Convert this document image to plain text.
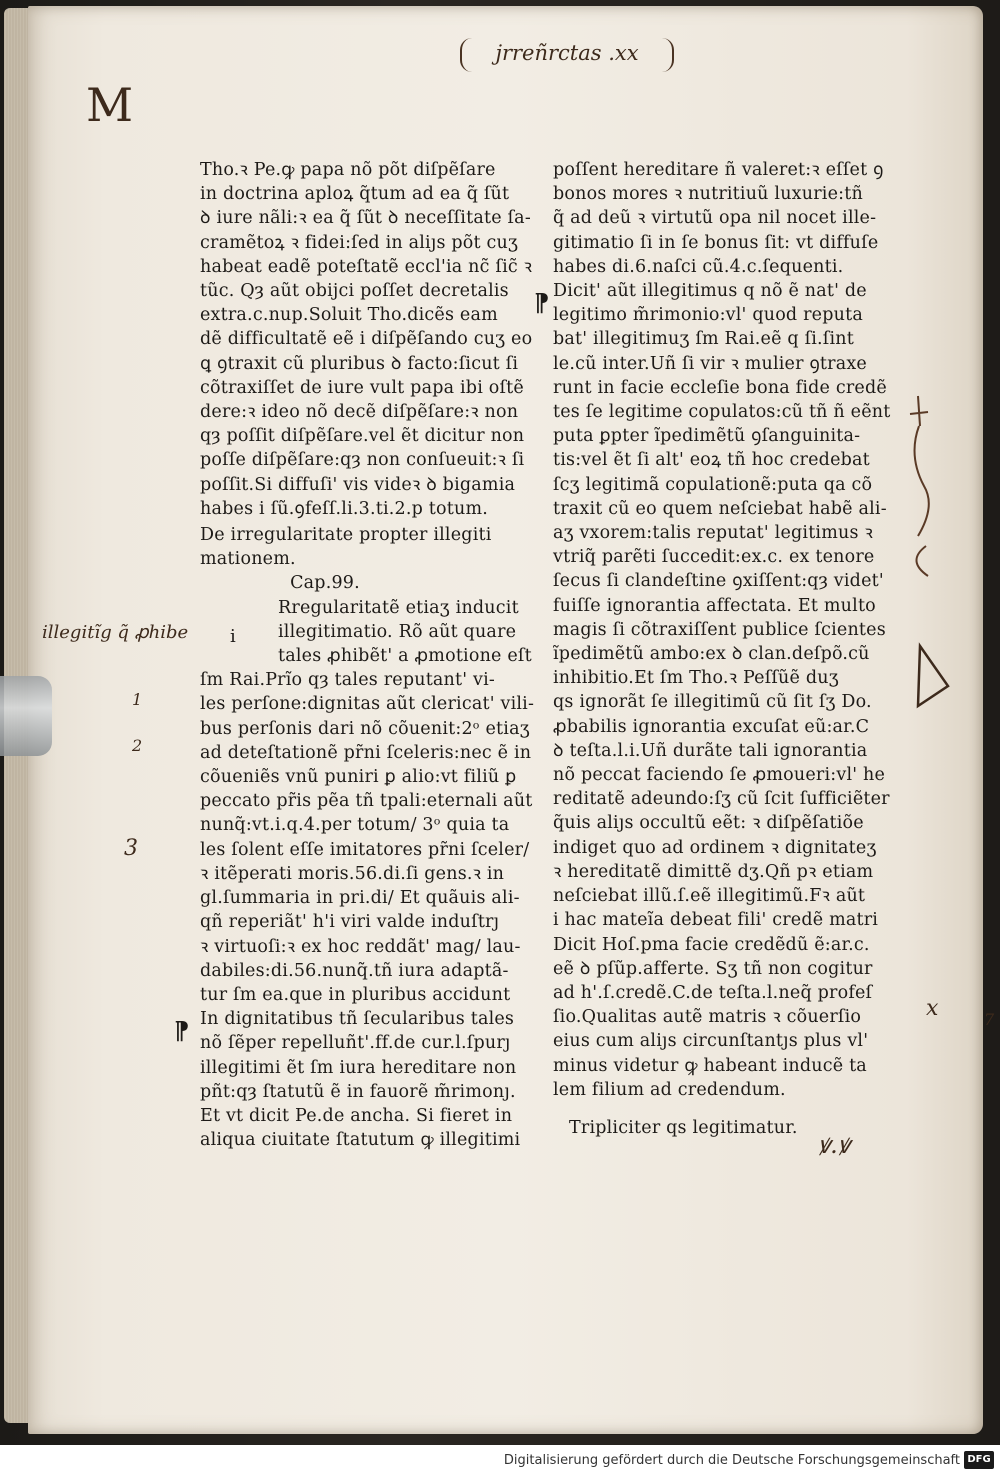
jrreñrctas .xx
M
Tho.ꝛ Pe.ꝙ papa nõ põt diſpẽſare
in doctrina aploꝝ q̃tum ad ea q̃ ſũt
ꝺ iure nãli:ꝛ ea q̃ ſũt ꝺ neceſſitate ſa-
cramẽtoꝝ ꝛ fidei:ſed in aliȷs põt cuʒ
habeat eadẽ poteſtatẽ eccl'ia nc̃ ſic̃ ꝛ
tũc. Qȝ aũt obijci poſſet decretalis
extra.c.nup.Soluit Tho.dicẽs eam
dẽ difficultatẽ eẽ i diſpẽſando cuʒ eo
ꝗ ꝯtraxit cũ pluribus ꝺ facto:ſicut ſi
cõtraxiſſet de iure vult papa ibi oſtẽ
dere:ꝛ ideo nõ decẽ diſpẽſare:ꝛ non
qȝ poſſit diſpẽſare.vel ẽt dicitur non
poſſe diſpẽſare:qȝ non conſueuit:ꝛ ſi
poſſit.Si diffuſi' vis videꝛ ꝺ bigamia
habes i ſũ.ꝯfeſſ.li.3.ti.2.p totum.
De irregularitate propter illegiti
mationem.
Cap.99.
Rregularitatẽ etiaʒ inducit
illegitimatio. Rõ aũt quare
tales ꝓhibẽt' a ꝓmotione eſt
ſm Rai.Prĩo qȝ tales reputant' vi-
les perſone:dignitas aũt clericat' vili-
bus perſonis dari nõ cõuenit:2ᵒ etiaʒ
ad deteſtationẽ pr̃ni ſceleris:nec ẽ in
cõueniẽs vnũ puniri ꝑ alio:vt filiũ ꝑ
peccato pr̃is pẽa tñ tpali:eternali aũt
nunq̃:vt.i.q.4.per totum/ 3ᵒ quia ta
les ſolent eſſe imitatores pr̃ni ſceler/
ꝛ itẽperati moris.56.di.ſi gens.ꝛ in
gl.ſummaria in pri.di/ Et quãuis ali-
qñ reperiãt' h'i viri valde induſtrȷ
ꝛ virtuoſi:ꝛ ex hoc reddãt' mag/ lau-
dabiles:di.56.nunq̃.tñ iura adaptã-
tur ſm ea.que in pluribus accidunt
In dignitatibus tñ ſecularibus tales
nõ ſẽper repelluñt'.ff.de cur.l.ſpurȷ
illegitimi ẽt ſm iura hereditare non
pñt:qȝ ſtatutũ ẽ in fauorẽ m̃rimonȷ.
Et vt dicit Pe.de ancha. Si fieret in
aliqua ciuitate ſtatutum ꝙ illegitimi
poſſent hereditare ñ valeret:ꝛ eſſet ꝯ
bonos mores ꝛ nutritiuũ luxurie:tñ
q̃ ad deũ ꝛ virtutũ opa nil nocet ille-
gitimatio ſi in ſe bonus ſit: vt diffuſe
habes di.6.naſci cũ.4.c.ſequenti.
Dicit' aũt illegitimus q nõ ẽ nat' de
legitimo m̃rimonio:vl' quod reputa
bat' illegitimuʒ ſm Rai.eẽ q ſi.ſint
le.cũ inter.Uñ ſi vir ꝛ mulier ꝯtraxe
runt in facie eccleſie bona fide credẽ
tes ſe legitime copulatos:cũ tñ ñ eẽnt
puta ꝑpter ĩpedimẽtũ ꝯſanguinita-
tis:vel ẽt ſi alt' eoꝝ tñ hoc credebat
ſcʒ legitimã copulationẽ:puta qa cõ
traxit cũ eo quem neſciebat habẽ ali-
aʒ vxorem:talis reputat' legitimus ꝛ
vtriq̃ parẽti ſuccedit:ex.c. ex tenore
ſecus ſi clandeſtine ꝯxiſſent:qȝ videt'
fuiſſe ignorantia affectata. Et multo
magis ſi cõtraxiſſent publice ſcientes
ĩpedimẽtũ ambo:ex ꝺ clan.deſpõ.cũ
inhibitio.Et ſm Tho.ꝛ Peſſũẽ duʒ
qs ignorãt ſe illegitimũ cũ ſit ſʒ Do.
ꝓbabilis ignorantia excuſat eũ:ar.C
ꝺ teſta.l.i.Uñ durãte tali ignorantia
nõ peccat faciendo ſe ꝓmoueri:vl' he
reditatẽ adeundo:ſʒ cũ ſcit ſufficiẽter
q̃uis aliȷs occultũ eẽt: ꝛ diſpẽſatiõe
indiget quo ad ordinem ꝛ dignitateʒ
ꝛ hereditatẽ dimittẽ dʒ.Qñ pꝛ etiam
neſciebat illũ.ſ.eẽ illegitimũ.Fꝛ aũt
i hac mateĩa debeat fili' credẽ matri
Dicit Hoſ.pma facie credẽdũ ẽ:ar.c.
eẽ ꝺ pſũp.afferte. Sʒ tñ non cogitur
ad h'.ſ.credẽ.C.de teſta.l.neq̃ profeſ
ſio.Qualitas autẽ matris ꝛ cõuerſio
eius cum aliȷs circunſtantȷs plus vl'
minus videtur ꝙ habeant inducẽ ta
lem filium ad credendum.
Tripliciter qs legitimatur.
illegitĩg q̃ ꝓhibe i
1
2
3
x	7
ꝟ.ꝟ
⁋
⁋
Digitalisierung gefördert durch die Deutsche Forschungsgemeinschaft DFG
